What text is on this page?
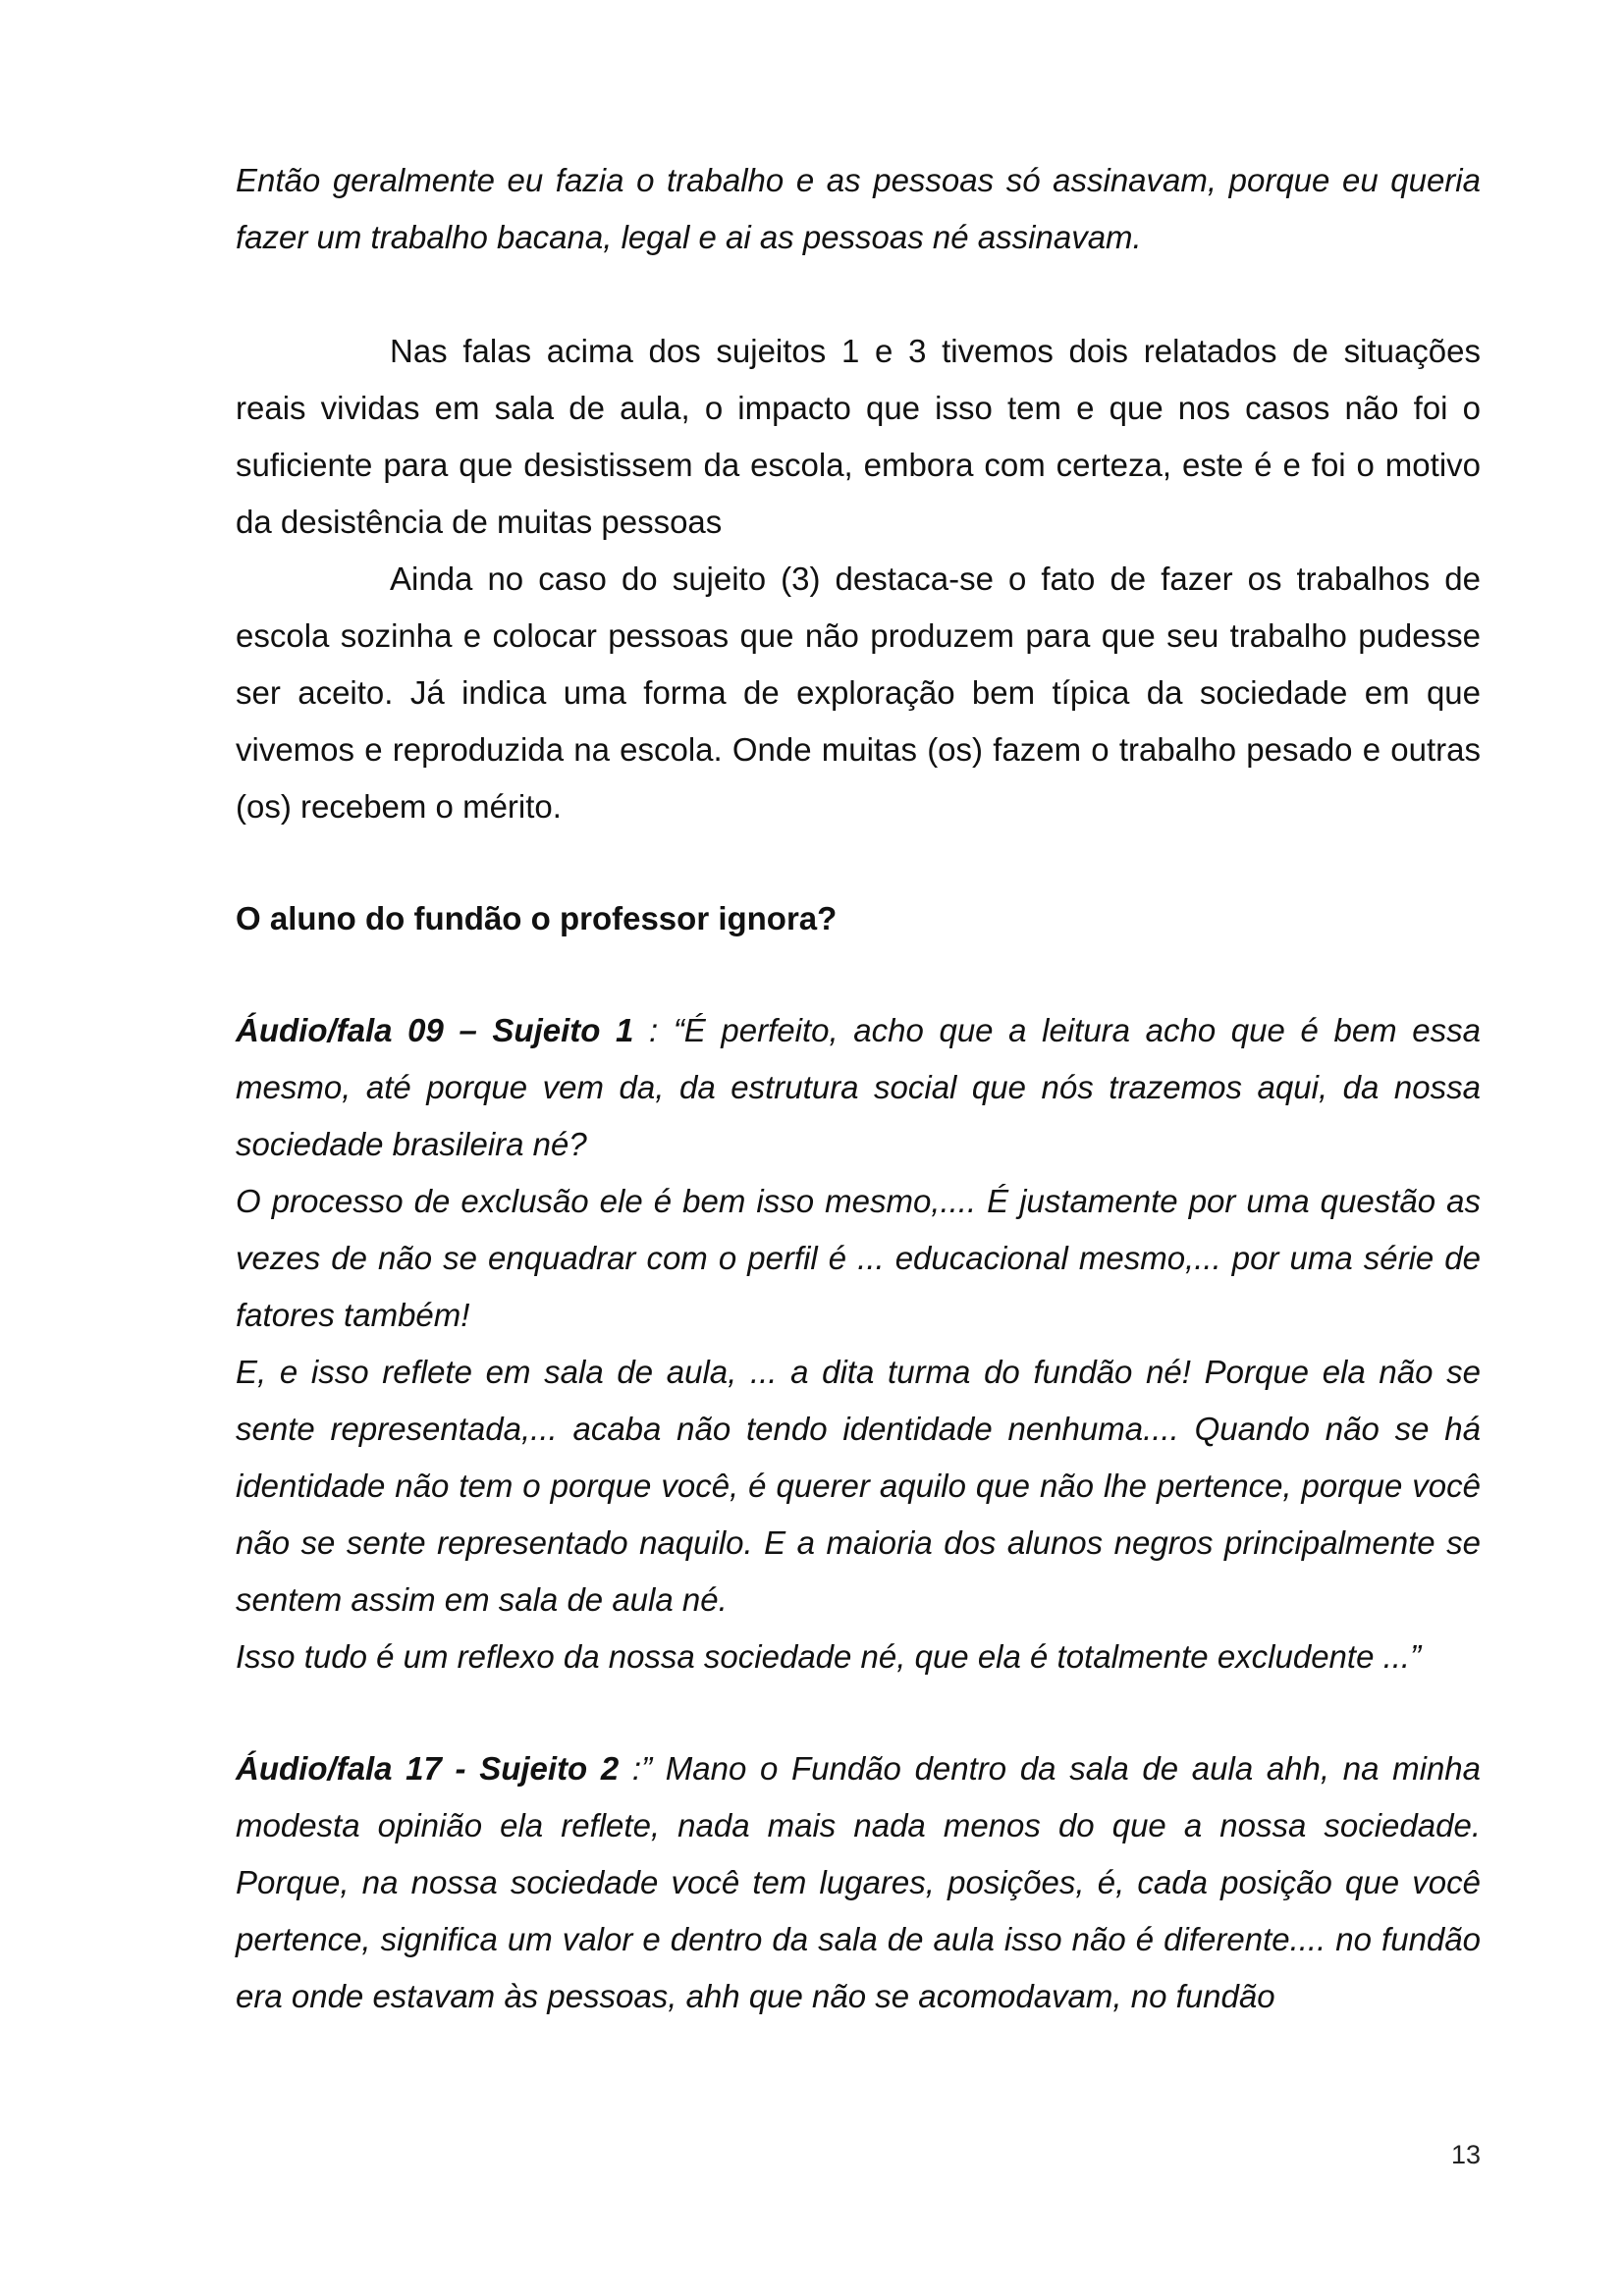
Então geralmente eu fazia o trabalho e as pessoas só assinavam, porque eu queria fazer um trabalho bacana, legal e ai as pessoas né assinavam.

Nas falas acima dos sujeitos 1 e 3 tivemos dois relatados de situações reais vividas em sala de aula, o impacto que isso tem e que nos casos não foi o suficiente para que desistissem da escola, embora com certeza, este é e foi o motivo da desistência de muitas pessoas

Ainda no caso do sujeito (3) destaca-se o fato de fazer os trabalhos de escola sozinha e colocar pessoas que não produzem para que seu trabalho pudesse ser aceito. Já indica uma forma de exploração bem típica da sociedade em que vivemos e reproduzida na escola. Onde muitas (os) fazem o trabalho pesado e outras (os) recebem o mérito.

O aluno do fundão o professor ignora?

Áudio/fala 09 – Sujeito 1 : “É perfeito, acho que a leitura acho que é bem essa mesmo, até porque vem da, da estrutura social que nós trazemos aqui, da nossa sociedade brasileira né?
O processo de exclusão ele é bem isso mesmo,.... É justamente por uma questão as vezes de não se enquadrar com o perfil é ... educacional mesmo,... por uma série de fatores também!
E, e isso reflete em sala de aula, ... a dita turma do fundão né! Porque ela não se sente representada,... acaba não tendo identidade nenhuma.... Quando não se há identidade não tem o porque você, é querer aquilo que não lhe pertence, porque você não se sente representado naquilo. E a maioria dos alunos negros principalmente se sentem assim em sala de aula né.
Isso tudo é um reflexo da nossa sociedade né, que ela é totalmente excludente ...”
Áudio/fala 17 - Sujeito 2 :” Mano o Fundão dentro da sala de aula ahh, na minha modesta opinião ela reflete, nada mais nada menos do que a nossa sociedade. Porque, na nossa sociedade você tem lugares, posições, é, cada posição que você pertence, significa um valor e dentro da sala de aula isso não é diferente.... no fundão era onde estavam às pessoas, ahh que não se acomodavam, no fundão
13
